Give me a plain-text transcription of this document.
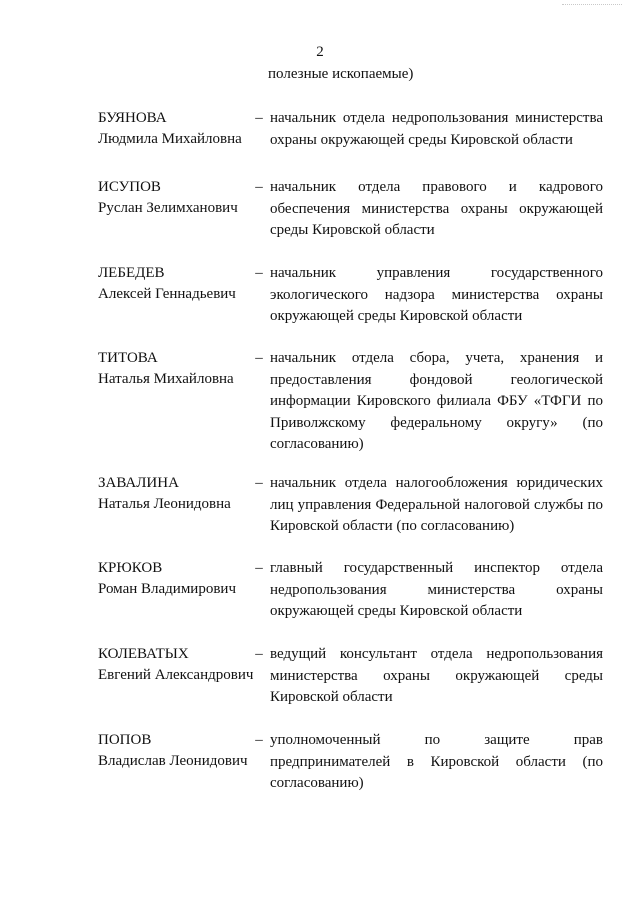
2
полезные ископаемые)
БУЯНОВА
Людмила Михайловна
– начальник отдела недропользования министерства охраны окружающей среды Кировской области
ИСУПОВ
Руслан Зелимханович
– начальник отдела правового и кадрового обеспечения министерства охраны окружающей среды Кировской области
ЛЕБЕДЕВ
Алексей Геннадьевич
– начальник управления государственного экологического надзора министерства охраны окружающей среды Кировской области
ТИТОВА
Наталья Михайловна
– начальник отдела сбора, учета, хранения и предоставления фондовой геологической информации Кировского филиала ФБУ «ТФГИ по Приволжскому федеральному округу» (по согласованию)
ЗАВАЛИНА
Наталья Леонидовна
– начальник отдела налогообложения юридических лиц управления Федеральной налоговой службы по Кировской области (по согласованию)
КРЮКОВ
Роман Владимирович
– главный государственный инспектор отдела недропользования министерства охраны окружающей среды Кировской области
КОЛЕВАТЫХ
Евгений Александрович
– ведущий консультант отдела недропользования министерства охраны окружающей среды Кировской области
ПОПОВ
Владислав Леонидович
– уполномоченный по защите прав предпринимателей в Кировской области (по согласованию)
